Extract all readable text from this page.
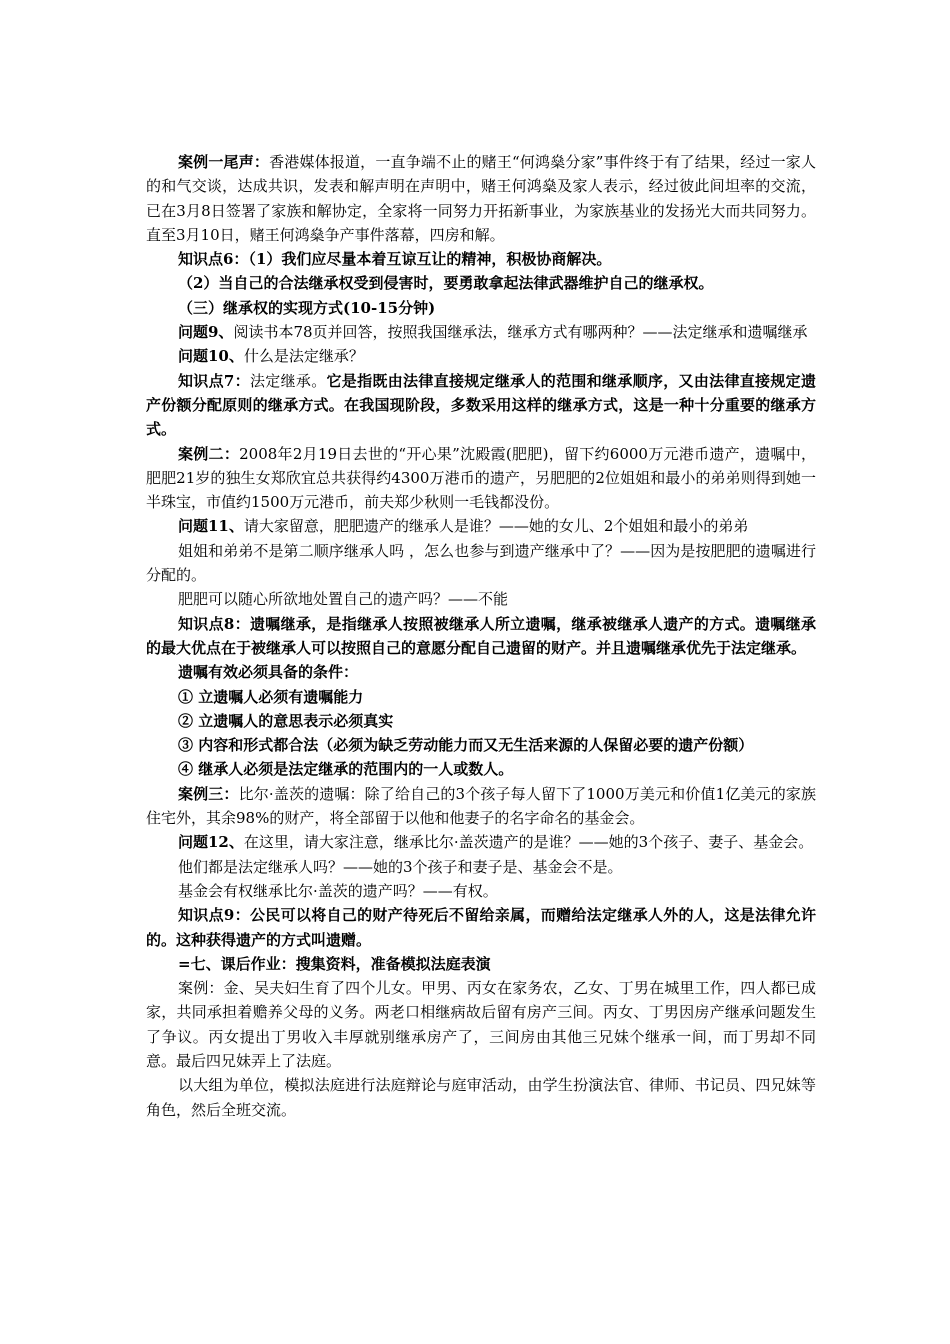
案例一尾声：香港媒体报道，一直争端不止的赌王“何鸿燊分家”事件终于有了结果，经过一家人的和气交谈，达成共识，发表和解声明在声明中，赌王何鸿燊及家人表示，经过彼此间坦率的交流，已在3月8日签署了家族和解协定，全家将一同努力开拓新事业，为家族基业的发扬光大而共同努力。直至3月10日，赌王何鸿燊争产事件落幕，四房和解。

知识点6：（1）我们应尽量本着互谅互让的精神，积极协商解决。

（2）当自己的合法继承权受到侵害时，要勇敢拿起法律武器维护自己的继承权。

（三）继承权的实现方式(10-15分钟)

问题9、阅读书本78页并回答，按照我国继承法，继承方式有哪两种？——法定继承和遗嘱继承

问题10、什么是法定继承？

知识点7：法定继承。它是指既由法律直接规定继承人的范围和继承顺序，又由法律直接规定遗产份额分配原则的继承方式。在我国现阶段，多数采用这样的继承方式，这是一种十分重要的继承方式。

案例二：2008年2月19日去世的“开心果”沈殿霞(肥肥)，留下约6000万元港币遗产，遗嘱中，肥肥21岁的独生女郑欣宜总共获得约4300万港币的遗产，另肥肥的2位姐姐和最小的弟弟则得到她一半珠宝，市值约1500万元港币，前夫郑少秋则一毛钱都没份。

问题11、请大家留意，肥肥遗产的继承人是谁？——她的女儿、2个姐姐和最小的弟弟

姐姐和弟弟不是第二顺序继承人吗 ，怎么也参与到遗产继承中了？——因为是按肥肥的遗嘱进行分配的。

肥肥可以随心所欲地处置自己的遗产吗？——不能

知识点8：遗嘱继承，是指继承人按照被继承人所立遗嘱，继承被继承人遗产的方式。遗嘱继承的最大优点在于被继承人可以按照自己的意愿分配自己遗留的财产。并且遗嘱继承优先于法定继承。

遗嘱有效必须具备的条件：

① 立遗嘱人必须有遗嘱能力

② 立遗嘱人的意思表示必须真实

③ 内容和形式都合法（必须为缺乏劳动能力而又无生活来源的人保留必要的遗产份额）

④ 继承人必须是法定继承的范围内的一人或数人。

案例三：比尔·盖茨的遗嘱：除了给自己的3个孩子每人留下了1000万美元和价值1亿美元的家族住宅外，其余98%的财产，将全部留于以他和他妻子的名字命名的基金会。

问题12、在这里，请大家注意，继承比尔·盖茨遗产的是谁？——她的3个孩子、妻子、基金会。

他们都是法定继承人吗？——她的3个孩子和妻子是、基金会不是。

基金会有权继承比尔·盖茨的遗产吗？——有权。

知识点9：公民可以将自己的财产待死后不留给亲属，而赠给法定继承人外的人，这是法律允许的。这种获得遗产的方式叫遗赠。

=七、课后作业：搜集资料，准备模拟法庭表演

案例：金、吴夫妇生育了四个儿女。甲男、丙女在家务农，乙女、丁男在城里工作，四人都已成家，共同承担着赡养父母的义务。两老口相继病故后留有房产三间。丙女、丁男因房产继承问题发生了争议。丙女提出丁男收入丰厚就别继承房产了，三间房由其他三兄妹个继承一间，而丁男却不同意。最后四兄妹弄上了法庭。

以大组为单位，模拟法庭进行法庭辩论与庭审活动，由学生扮演法官、律师、书记员、四兄妹等角色，然后全班交流。
